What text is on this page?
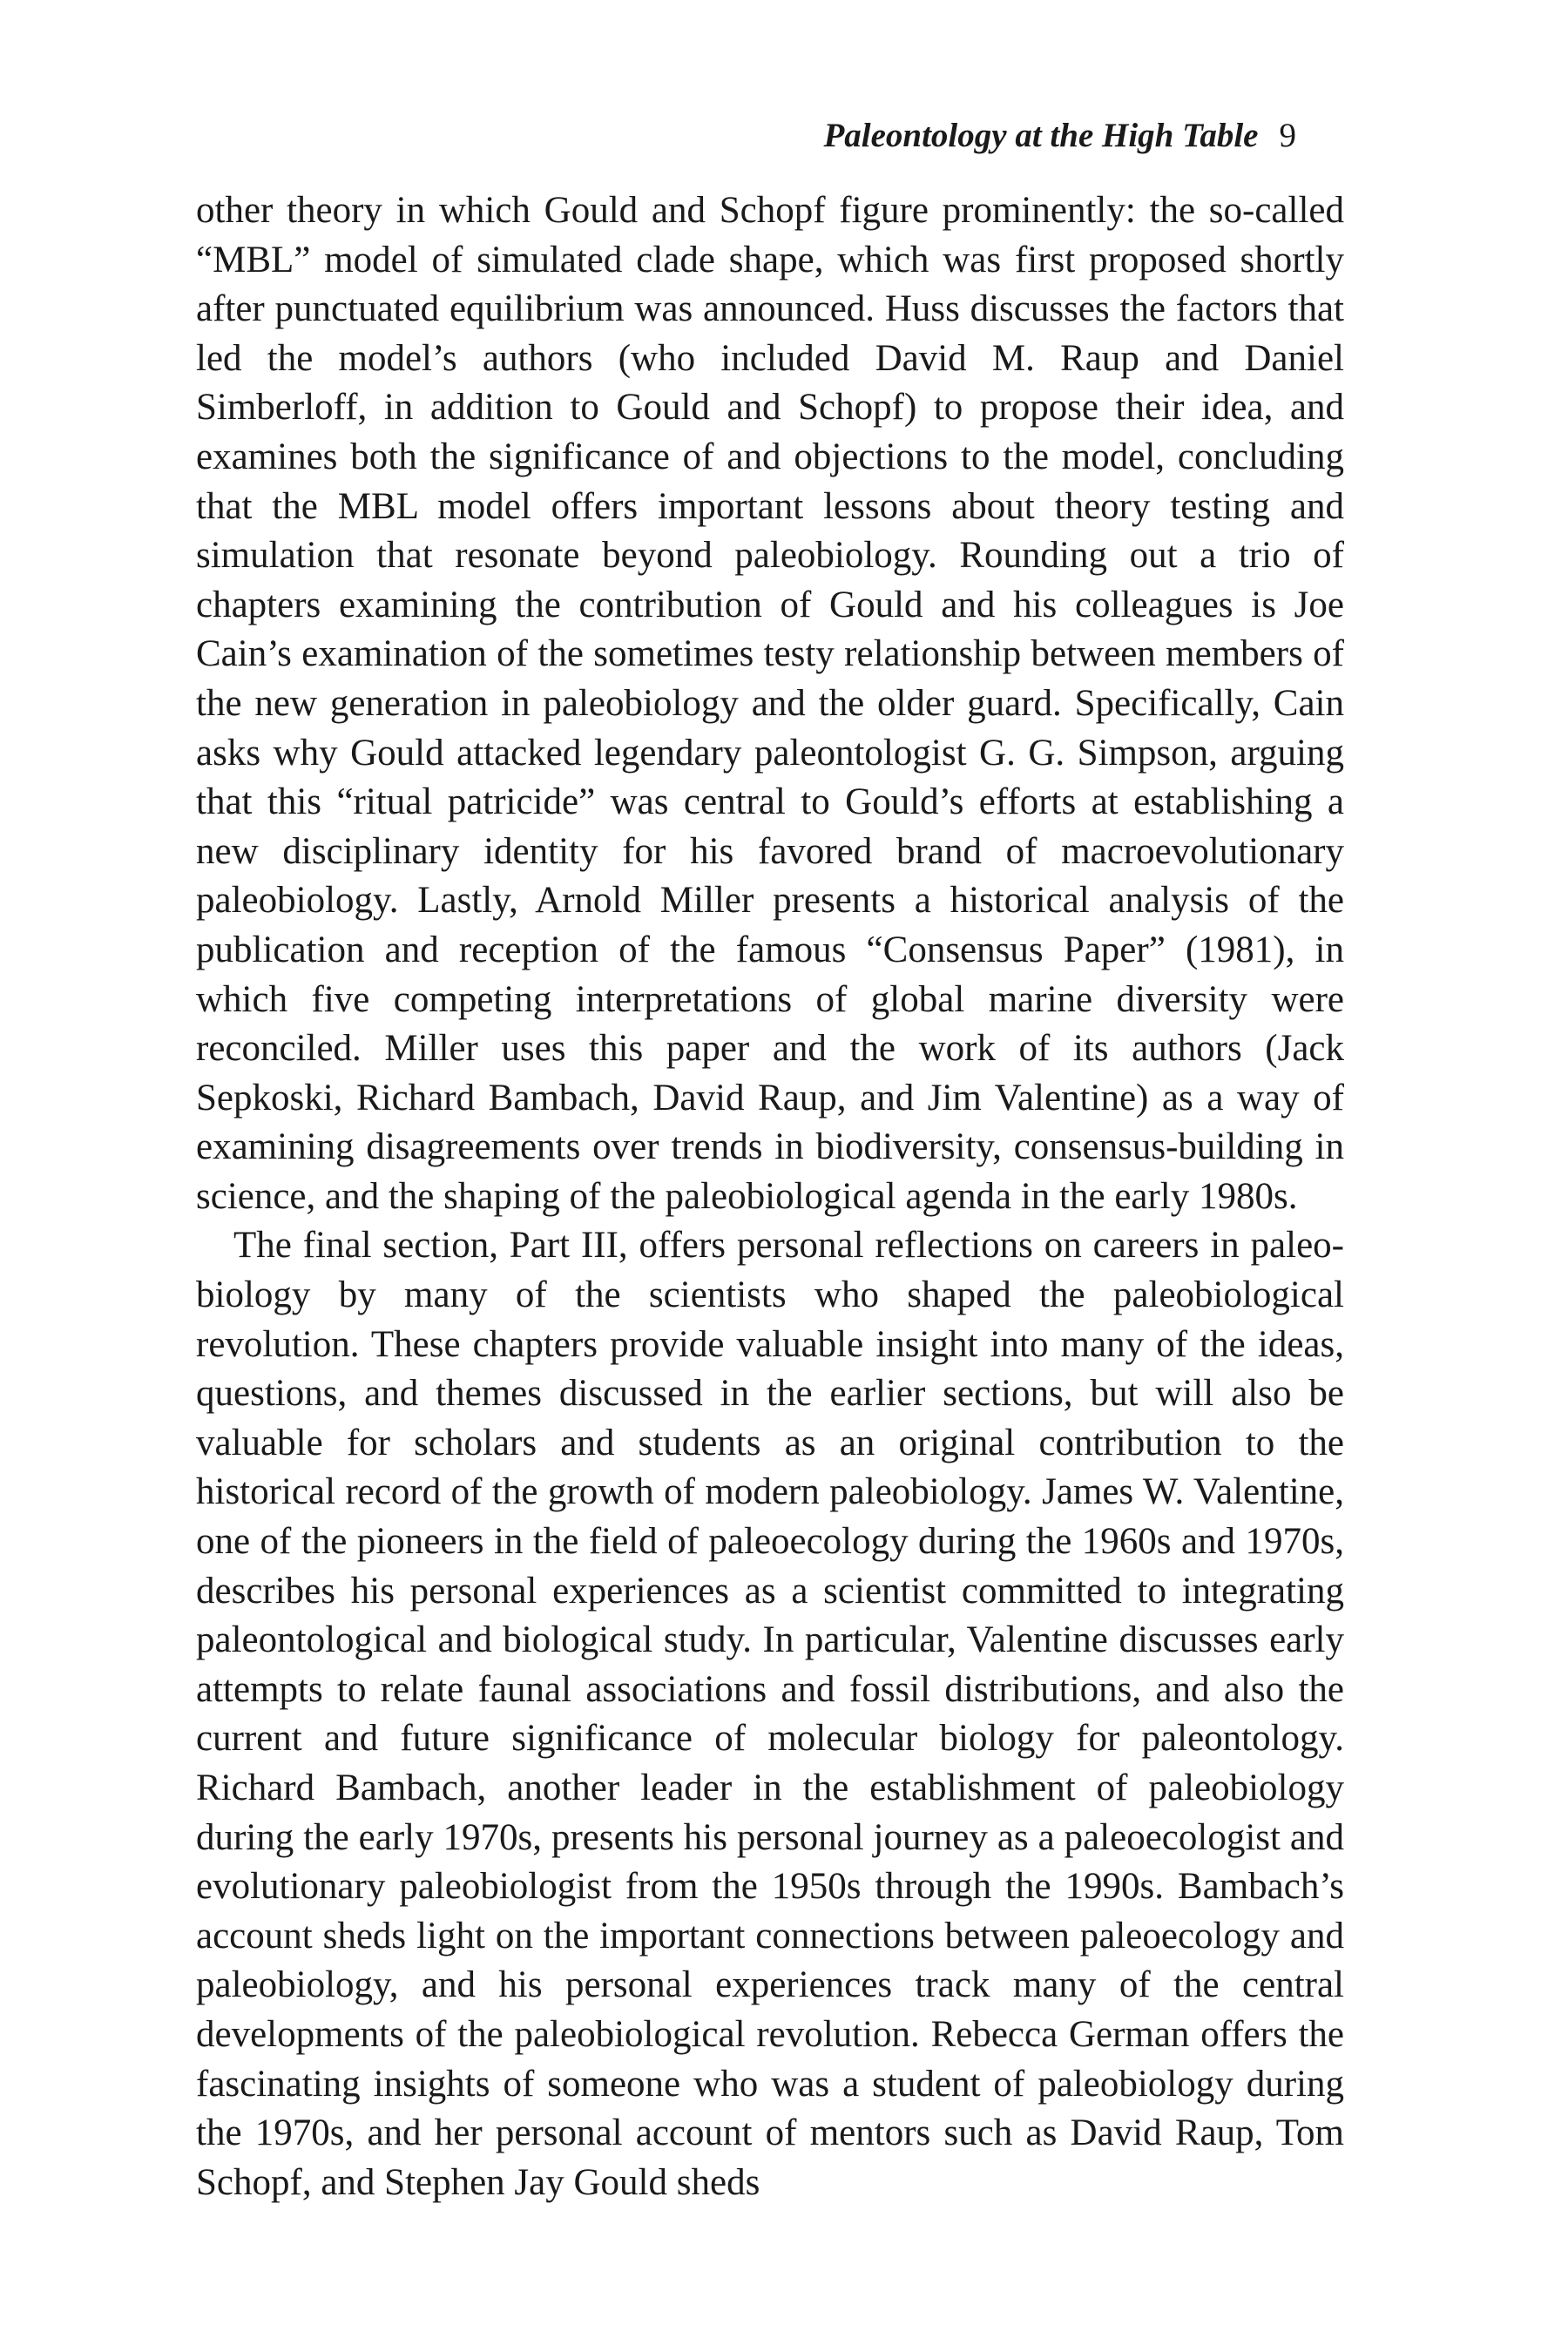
Paleontology at the High Table 9

other theory in which Gould and Schopf figure prominently: the so-called “MBL” model of simulated clade shape, which was first proposed shortly after punctuated equilibrium was announced. Huss discusses the factors that led the model’s authors (who included David M. Raup and Daniel Simberloff, in addition to Gould and Schopf) to propose their idea, and examines both the significance of and objections to the model, concluding that the MBL model offers important lessons about theory testing and simulation that resonate beyond paleobiology. Rounding out a trio of chapters examining the contribution of Gould and his colleagues is Joe Cain’s examination of the sometimes testy relationship between members of the new generation in paleobiology and the older guard. Specifically, Cain asks why Gould attacked legendary paleontologist G. G. Simpson, arguing that this “ritual patricide” was central to Gould’s efforts at establishing a new disciplinary identity for his favored brand of macroevolutionary paleobiology. Lastly, Arnold Miller presents a historical analysis of the publication and reception of the famous “Consensus Paper” (1981), in which five competing interpretations of global marine diversity were reconciled. Miller uses this paper and the work of its authors (Jack Sepkoski, Richard Bambach, David Raup, and Jim Valentine) as a way of examining disagreements over trends in biodiversity, consensus-building in science, and the shaping of the paleobiological agenda in the early 1980s.

The final section, Part III, offers personal reflections on careers in paleobiology by many of the scientists who shaped the paleobiological revolution. These chapters provide valuable insight into many of the ideas, questions, and themes discussed in the earlier sections, but will also be valuable for scholars and students as an original contribution to the historical record of the growth of modern paleobiology. James W. Valentine, one of the pioneers in the field of paleoecology during the 1960s and 1970s, describes his personal experiences as a scientist committed to integrating paleontological and biological study. In particular, Valentine discusses early attempts to relate faunal associations and fossil distributions, and also the current and future significance of molecular biology for paleontology. Richard Bambach, another leader in the establishment of paleobiology during the early 1970s, presents his personal journey as a paleoecologist and evolutionary paleobiologist from the 1950s through the 1990s. Bambach’s account sheds light on the important connections between paleoecology and paleobiology, and his personal experiences track many of the central developments of the paleobiological revolution. Rebecca German offers the fascinating insights of someone who was a student of paleobiology during the 1970s, and her personal account of mentors such as David Raup, Tom Schopf, and Stephen Jay Gould sheds
